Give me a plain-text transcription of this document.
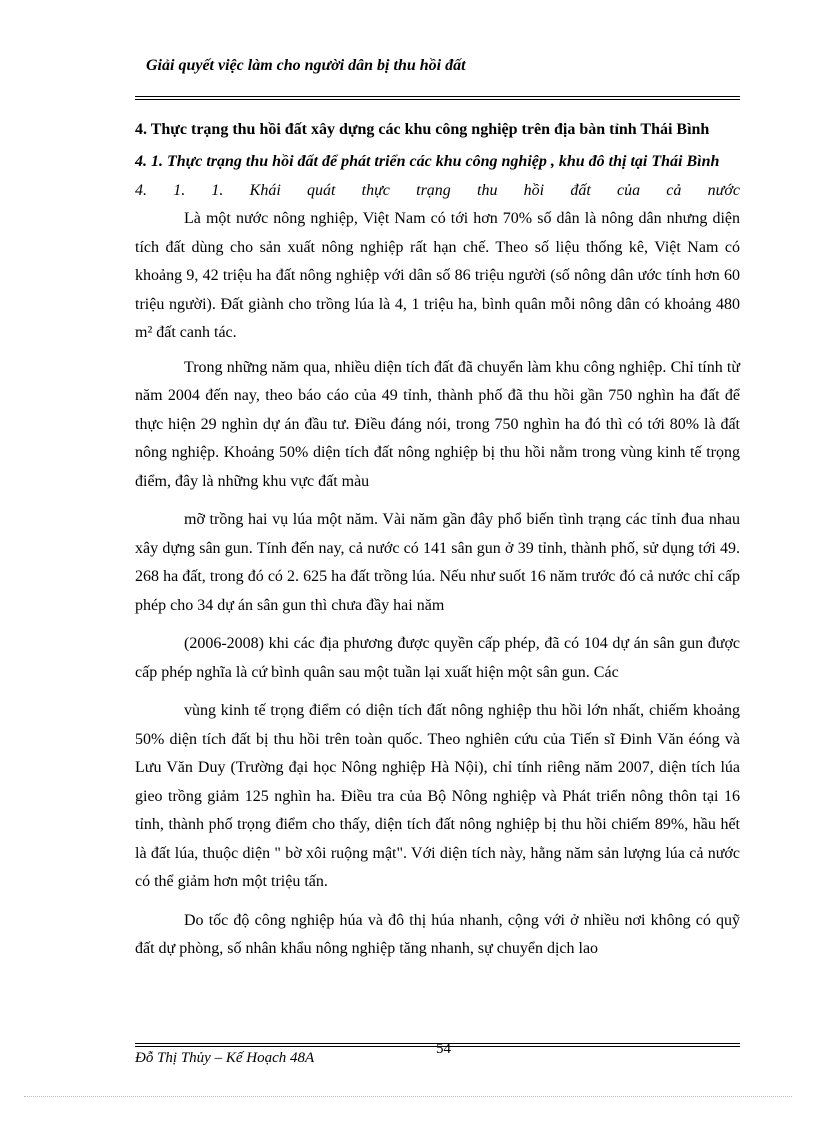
Giải quyết việc làm cho người dân bị thu hồi đất

4. Thực trạng thu hồi đất xây dựng các khu công nghiệp trên địa bàn tỉnh Thái Bình

4. 1. Thực trạng thu hồi đất để phát triển các khu công nghiệp , khu đô thị tại Thái Bình

4. 1. 1. Khái quát thực trạng thu hồi đất của cả nước

Là một nước nông nghiệp, Việt Nam có tới hơn 70% số dân là nông dân nhưng diện tích đất dùng cho sản xuất nông nghiệp rất hạn chế. Theo số liệu thống kê, Việt Nam có khoảng 9, 42 triệu ha đất nông nghiệp với dân số 86 triệu người (số nông dân ước tính hơn 60 triệu người). Đất giành cho trồng lúa là 4, 1 triệu ha, bình quân mỗi nông dân có khoảng 480 m² đất canh tác.

Trong những năm qua, nhiều diện tích đất đã chuyển làm khu công nghiệp. Chỉ tính từ năm 2004 đến nay, theo báo cáo của 49 tỉnh, thành phố đã thu hồi gần 750 nghìn ha đất để thực hiện 29 nghìn dự án đầu tư. Điều đáng nói, trong 750 nghìn ha đó thì có tới 80% là đất nông nghiệp. Khoảng 50% diện tích đất nông nghiệp bị thu hồi nằm trong vùng kinh tế trọng điểm, đây là những khu vực đất màu

mỡ trồng hai vụ lúa một năm. Vài năm gần đây phổ biến tình trạng các tỉnh đua nhau xây dựng sân gun. Tính đến nay, cả nước có 141 sân gun ở 39 tỉnh, thành phố, sử dụng tới 49. 268 ha đất, trong đó có 2. 625 ha đất trồng lúa. Nếu như suốt 16 năm trước đó cả nước chỉ cấp phép cho 34 dự án sân gun thì chưa đầy hai năm

(2006-2008) khi các địa phương được quyền cấp phép, đã có 104 dự án sân gun được cấp phép nghĩa là cứ bình quân sau một tuần lại xuất hiện một sân gun. Các

vùng kinh tế trọng điểm có diện tích đất nông nghiệp thu hồi lớn nhất, chiếm khoảng 50% diện tích đất bị thu hồi trên toàn quốc. Theo nghiên cứu của Tiến sĩ Đinh Văn éóng và Lưu Văn Duy (Trường đại học Nông nghiệp Hà Nội), chỉ tính riêng năm 2007, diện tích lúa gieo trồng giảm 125 nghìn ha. Điều tra của Bộ Nông nghiệp và Phát triển nông thôn tại 16 tỉnh, thành phố trọng điểm cho thấy, diện tích đất nông nghiệp bị thu hồi chiếm 89%, hầu hết là đất lúa, thuộc diện " bờ xôi ruộng mật". Với diện tích này, hằng năm sản lượng lúa cả nước có thể giảm hơn một triệu tấn.

Do tốc độ công nghiệp húa và đô thị húa nhanh, cộng với ở nhiều nơi không có quỹ đất dự phòng, số nhân khẩu nông nghiệp tăng nhanh, sự chuyển dịch lao

Đỗ Thị Thủy – Kế Hoạch 48A
54
